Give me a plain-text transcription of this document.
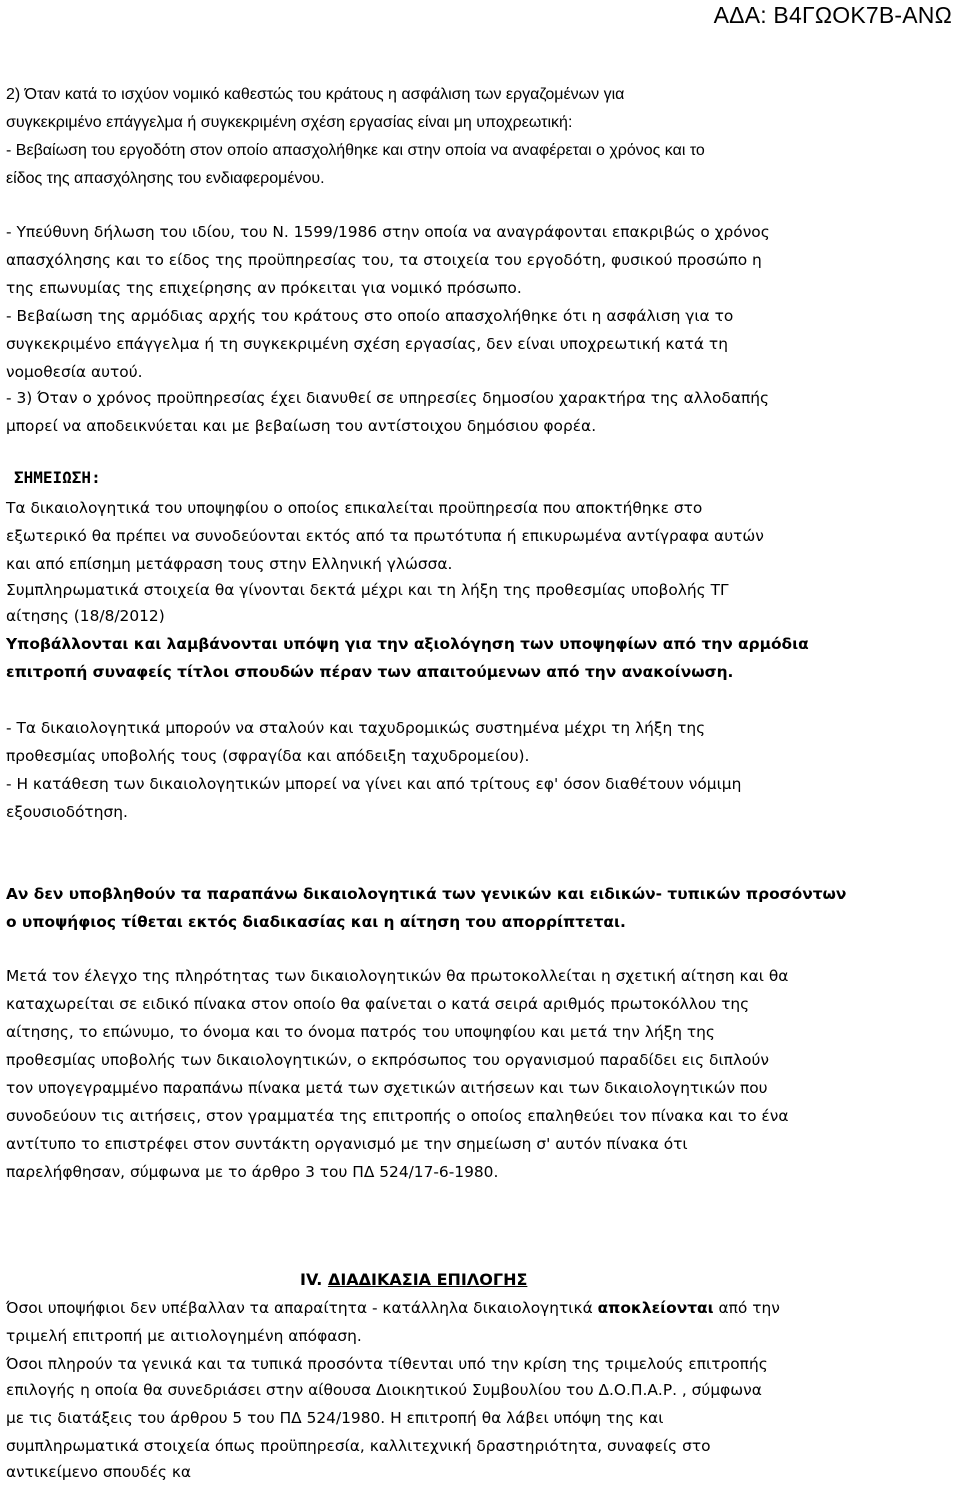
ΑΔΑ: Β4ΓΩΟΚ7Β-ΑΝΩ
2) Όταν κατά το ισχύον νομικό καθεστώς του κράτους η ασφάλιση των εργαζομένων για
συγκεκριμένο επάγγελμα ή συγκεκριμένη σχέση εργασίας είναι μη υποχρεωτική:
- Βεβαίωση του εργοδότη στον οποίο απασχολήθηκε και στην οποία να αναφέρεται ο χρόνος και το
είδος της απασχόλησης του ενδιαφερομένου.
- Υπεύθυνη δήλωση του ιδίου, του Ν. 1599/1986 στην οποία να αναγράφονται επακριβώς ο χρόνος
απασχόλησης και το είδος της προϋπηρεσίας του, τα στοιχεία του εργοδότη, φυσικού προσώπο η
της επωνυμίας της επιχείρησης αν πρόκειται για νομικό πρόσωπο.
- Βεβαίωση της αρμόδιας αρχής του κράτους στο οποίο απασχολήθηκε ότι η ασφάλιση για το
συγκεκριμένο επάγγελμα ή τη συγκεκριμένη σχέση εργασίας, δεν είναι υποχρεωτική κατά τη
νομοθεσία αυτού.
- 3) Όταν ο χρόνος προϋπηρεσίας έχει διανυθεί σε υπηρεσίες δημοσίου χαρακτήρα της αλλοδαπής
μπορεί να αποδεικνύεται και με βεβαίωση του αντίστοιχου δημόσιου φορέα.
ΣΗΜΕΙΩΣΗ:
Τα δικαιολογητικά του υποψηφίου ο οποίος επικαλείται προϋπηρεσία που αποκτήθηκε στο
εξωτερικό θα πρέπει να συνοδεύονται εκτός από τα πρωτότυπα ή επικυρωμένα αντίγραφα αυτών
και από επίσημη μετάφραση τους στην Ελληνική γλώσσα.
Συμπληρωματικά στοιχεία θα γίνονται δεκτά μέχρι και τη λήξη της προθεσμίας υποβολής ΤΓ
αίτησης (18/8/2012)
Υποβάλλονται και λαμβάνονται υπόψη για την αξιολόγηση των υποψηφίων από την αρμόδια
επιτροπή συναφείς τίτλοι σπουδών πέραν των απαιτούμενων από την ανακοίνωση.
- Τα δικαιολογητικά μπορούν να σταλούν και ταχυδρομικώς συστημένα μέχρι τη λήξη της
προθεσμίας υποβολής τους (σφραγίδα και απόδειξη ταχυδρομείου).
- Η κατάθεση των δικαιολογητικών μπορεί να γίνει και από τρίτους εφ' όσον διαθέτουν νόμιμη
εξουσιοδότηση.
Αν δεν υποβληθούν τα παραπάνω δικαιολογητικά των γενικών και ειδικών- τυπικών προσόντων
ο υποψήφιος τίθεται εκτός διαδικασίας και η αίτηση του απορρίπτεται.
Μετά τον έλεγχο της πληρότητας των δικαιολογητικών θα πρωτοκολλείται η σχετική αίτηση και θα
καταχωρείται σε ειδικό πίνακα στον οποίο θα φαίνεται ο κατά σειρά αριθμός πρωτοκόλλου της
αίτησης, το επώνυμο, το όνομα και το όνομα πατρός του υποψηφίου και μετά την λήξη της
προθεσμίας υποβολής των δικαιολογητικών, ο εκπρόσωπος του οργανισμού παραδίδει εις διπλούν
τον υπογεγραμμένο παραπάνω πίνακα μετά των σχετικών αιτήσεων και των δικαιολογητικών που
συνοδεύουν τις αιτήσεις, στον γραμματέα της επιτροπής ο οποίος επαληθεύει τον πίνακα και το ένα
αντίτυπο το επιστρέφει στον συντάκτη οργανισμό με την σημείωση σ' αυτόν πίνακα ότι
παρελήφθησαν, σύμφωνα με το άρθρο 3 του ΠΔ 524/17-6-1980.
IV. ΔΙΑΔΙΚΑΣΙΑ ΕΠΙΛΟΓΗΣ
Όσοι υποψήφιοι δεν υπέβαλλαν τα απαραίτητα - κατάλληλα δικαιολογητικά αποκλείονται από την
τριμελή επιτροπή με αιτιολογημένη απόφαση.
Όσοι πληρούν τα γενικά και τα τυπικά προσόντα τίθενται υπό την κρίση της τριμελούς επιτροπής
επιλογής η οποία θα συνεδριάσει στην αίθουσα Διοικητικού Συμβουλίου του Δ.Ο.Π.Α.Ρ. , σύμφωνα
με τις διατάξεις του άρθρου 5 του ΠΔ 524/1980. Η επιτροπή θα λάβει υπόψη της και
συμπληρωματικά στοιχεία όπως προϋπηρεσία, καλλιτεχνική δραστηριότητα, συναφείς στο
αντικείμενο σπουδές κα
